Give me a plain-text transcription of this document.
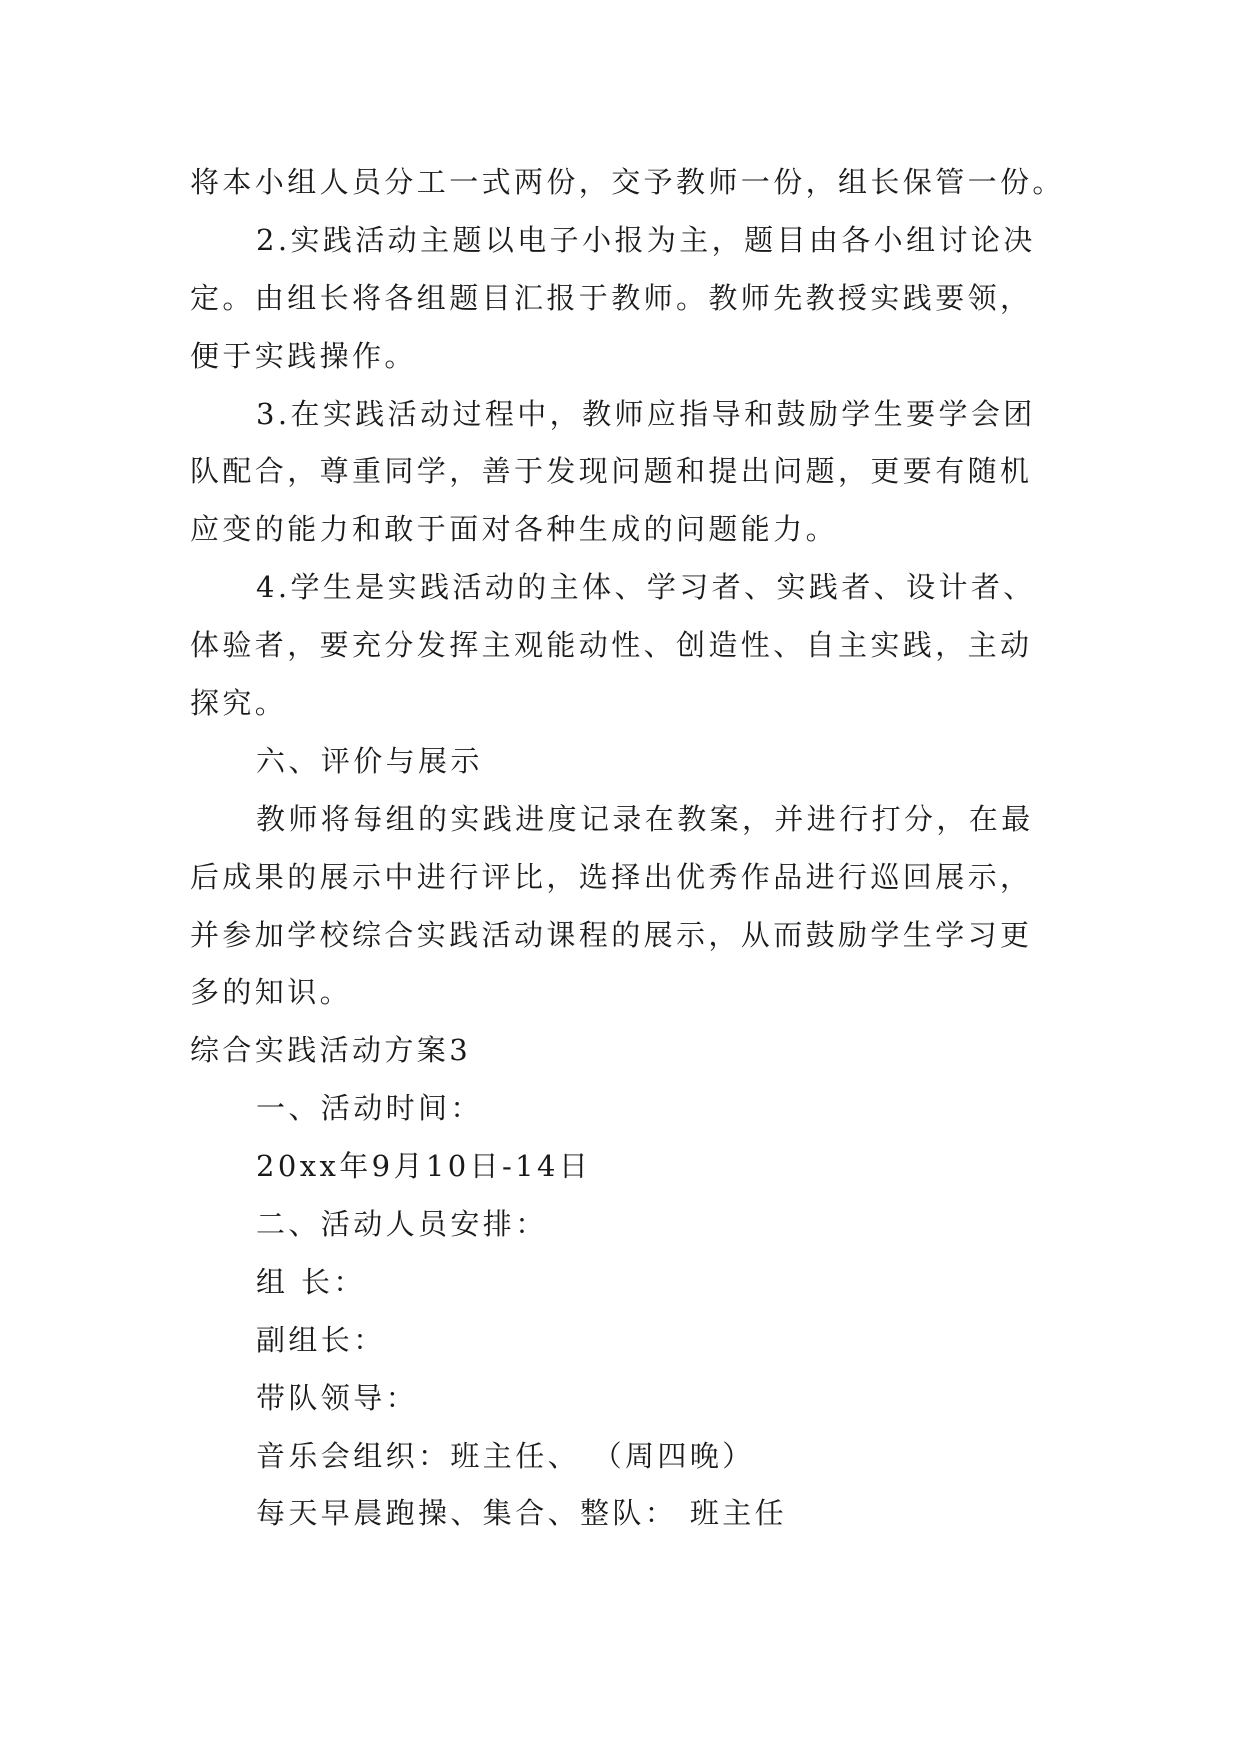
将本小组人员分工一式两份，交予教师一份，组长保管一份。
2.实践活动主题以电子小报为主，题目由各小组讨论决
定。由组长将各组题目汇报于教师。教师先教授实践要领，
便于实践操作。
3.在实践活动过程中，教师应指导和鼓励学生要学会团
队配合，尊重同学，善于发现问题和提出问题，更要有随机
应变的能力和敢于面对各种生成的问题能力。
4.学生是实践活动的主体、学习者、实践者、设计者、
体验者，要充分发挥主观能动性、创造性、自主实践，主动
探究。
六、评价与展示
教师将每组的实践进度记录在教案，并进行打分，在最
后成果的展示中进行评比，选择出优秀作品进行巡回展示，
并参加学校综合实践活动课程的展示，从而鼓励学生学习更
多的知识。
综合实践活动方案3
一、活动时间：
20xx年9月10日-14日
二、活动人员安排：
组 长：
副组长：
带队领导：
音乐会组织：班主任、 （周四晚）
每天早晨跑操、集合、整队： 班主任
